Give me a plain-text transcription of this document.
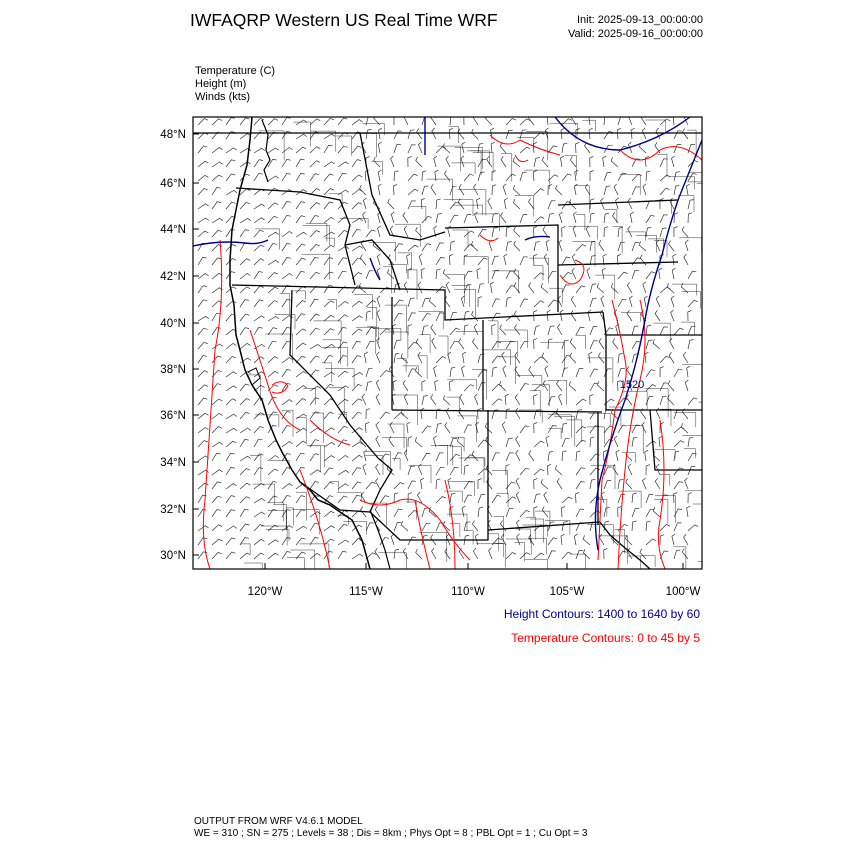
IWFAQRP Western US Real Time WRF	Init: 2025-09-13_00:00:00
Valid: 2025-09-16_00:00:00
Temperature (C)
Height (m)
Winds (kts)
1520
48°N
46°N
44°N
42°N
40°N
38°N
36°N
34°N
32°N
30°N
120°W	115°W	110°W	105°W	100°W
Height Contours: 1400 to 1640 by 60
Temperature Contours: 0 to 45 by 5
OUTPUT FROM WRF V4.6.1 MODEL
WE = 310 ; SN = 275 ; Levels = 38 ; Dis = 8km ; Phys Opt = 8 ; PBL Opt = 1 ; Cu Opt = 3
